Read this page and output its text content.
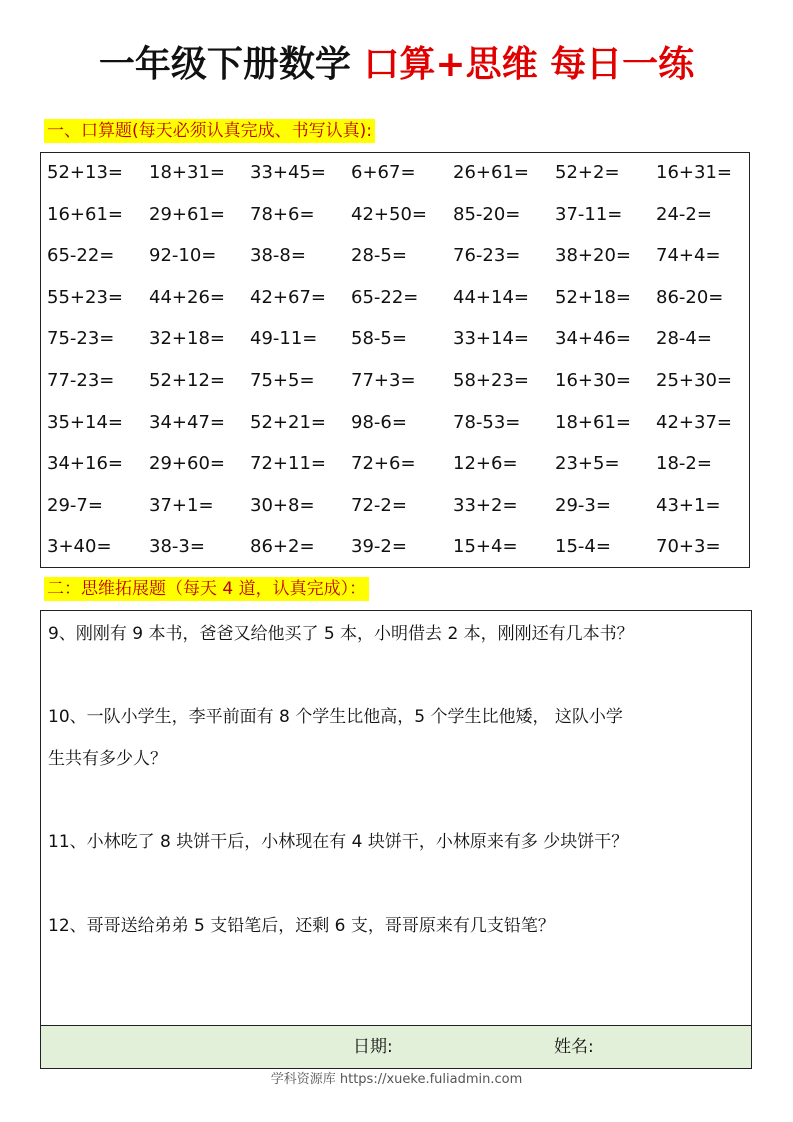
一年级下册数学 口算+思维 每日一练
一、口算题(每天必须认真完成、书写认真):
52+13= 18+31= 33+45= 6+67= 26+61= 52+2= 16+31=
16+61= 29+61= 78+6= 42+50= 85-20= 37-11= 24-2=
65-22= 92-10= 38-8=	28-5=	76-23= 38+20= 74+4=
55+23= 44+26= 42+67= 65-22= 44+14= 52+18= 86-20=
75-23= 32+18= 49-11= 58-5=	33+14= 34+46= 28-4=
77-23= 52+12= 75+5= 77+3= 58+23= 16+30= 25+30=
35+14= 34+47= 52+21= 98-6=	78-53= 18+61= 42+37=
34+16= 29+60= 72+11= 72+6= 12+6= 23+5= 18-2=
29-7=	37+1= 30+8= 72-2=	33+2= 29-3=	43+1=
3+40= 38-3=	86+2= 39-2=	15+4= 15-4=	70+3=
二：思维拓展题（每天 4 道，认真完成）：
9、刚刚有 9 本书，爸爸又给他买了 5 本，小明借去 2 本，刚刚还有几本书？
10、一队小学生，李平前面有 8 个学生比他高，5 个学生比他矮， 这队小学
生共有多少人？
11、小林吃了 8 块饼干后，小林现在有 4 块饼干，小林原来有多 少块饼干？
12、哥哥送给弟弟 5 支铅笔后，还剩 6 支，哥哥原来有几支铅笔？
日期:	姓名:
学科资源库 https://xueke.fuliadmin.com
